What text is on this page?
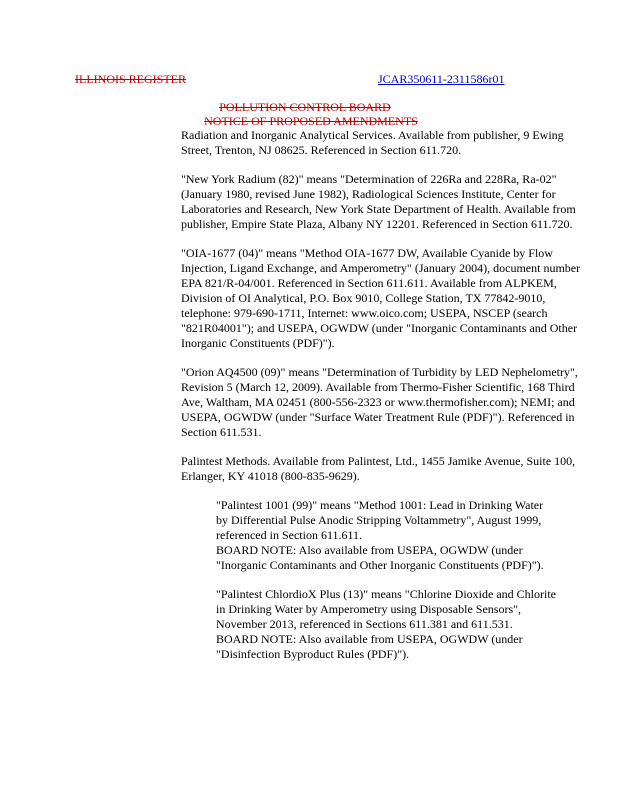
ILLINOIS REGISTER	JCAR350611-2311586r01
POLLUTION CONTROL BOARD
NOTICE OF PROPOSED AMENDMENTS

Radiation and Inorganic Analytical Services. Available from publisher, 9 Ewing Street, Trenton, NJ 08625. Referenced in Section 611.720.

"New York Radium (82)" means "Determination of 226Ra and 228Ra, Ra-02" (January 1980, revised June 1982), Radiological Sciences Institute, Center for Laboratories and Research, New York State Department of Health. Available from publisher, Empire State Plaza, Albany NY 12201. Referenced in Section 611.720.

"OIA-1677 (04)" means "Method OIA-1677 DW, Available Cyanide by Flow Injection, Ligand Exchange, and Amperometry" (January 2004), document number EPA 821/R-04/001. Referenced in Section 611.611. Available from ALPKEM, Division of OI Analytical, P.O. Box 9010, College Station, TX 77842-9010, telephone: 979-690-1711, Internet: www.oico.com; USEPA, NSCEP (search "821R04001"); and USEPA, OGWDW (under "Inorganic Contaminants and Other Inorganic Constituents (PDF)").

"Orion AQ4500 (09)" means "Determination of Turbidity by LED Nephelometry", Revision 5 (March 12, 2009). Available from Thermo-Fisher Scientific, 168 Third Ave, Waltham, MA 02451 (800-556-2323 or www.thermofisher.com); NEMI; and USEPA, OGWDW (under "Surface Water Treatment Rule (PDF)"). Referenced in Section 611.531.

Palintest Methods. Available from Palintest, Ltd., 1455 Jamike Avenue, Suite 100, Erlanger, KY 41018 (800-835-9629).

"Palintest 1001 (99)" means "Method 1001: Lead in Drinking Water by Differential Pulse Anodic Stripping Voltammetry", August 1999, referenced in Section 611.611.

BOARD NOTE: Also available from USEPA, OGWDW (under "Inorganic Contaminants and Other Inorganic Constituents (PDF)").

"Palintest ChlordioX Plus (13)" means "Chlorine Dioxide and Chlorite in Drinking Water by Amperometry using Disposable Sensors", November 2013, referenced in Sections 611.381 and 611.531.

BOARD NOTE: Also available from USEPA, OGWDW (under "Disinfection Byproduct Rules (PDF)").
